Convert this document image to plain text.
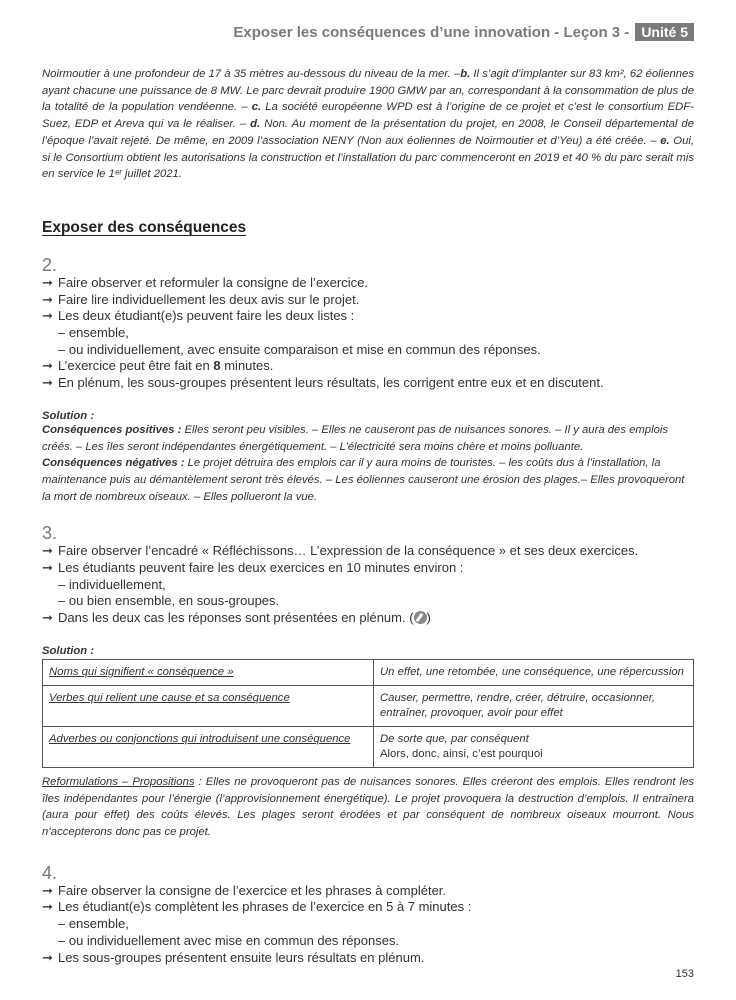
Exposer les conséquences d’une innovation - Leçon 3 - Unité 5
Noirmoutier à une profondeur de 17 à 35 mètres au-dessous du niveau de la mer. –b. Il s’agit d’implanter sur 83 km², 62 éoliennes ayant chacune une puissance de 8 MW. Le parc devrait produire 1900 GMW par an, correspondant à la consommation de plus de la totalité de la population vendéenne. – c. La société européenne WPD est à l’origine de ce projet et c’est le consortium EDF-Suez, EDP et Areva qui va le réaliser. – d. Non. Au moment de la présentation du projet, en 2008, le Conseil départemental de l’époque l’avait rejeté. De même, en 2009 l’association NENY (Non aux éoliennes de Noirmoutier et d’Yeu) a été créée. – e. Oui, si le Consortium obtient les autorisations la construction et l’installation du parc commenceront en 2019 et 40 % du parc serait mis en service le 1ᵉʳ juillet 2021.
Exposer des conséquences
2.
➞ Faire observer et reformuler la consigne de l’exercice.
➞ Faire lire individuellement les deux avis sur le projet.
➞ Les deux étudiant(e)s peuvent faire les deux listes :
– ensemble,
– ou individuellement, avec ensuite comparaison et mise en commun des réponses.
➞ L’exercice peut être fait en 8 minutes.
➞ En plénum, les sous-groupes présentent leurs résultats, les corrigent entre eux et en discutent.
Solution :
Conséquences positives : Elles seront peu visibles. – Elles ne causeront pas de nuisances sonores. – Il y aura des emplois créés. – Les îles seront indépendantes énergétiquement. – L’électricité sera moins chère et moins polluante.
Conséquences négatives : Le projet détruira des emplois car il y aura moins de touristes. – les coûts dus à l’installation, la maintenance puis au démantèlement seront très élevés. – Les éoliennes causeront une érosion des plages.– Elles provoqueront la mort de nombreux oiseaux. – Elles pollueront la vue.
3.
➞ Faire observer l’encadré « Réfléchissons… L’expression de la conséquence » et ses deux exercices.
➞ Les étudiants peuvent faire les deux exercices en 10 minutes environ :
– individuellement,
– ou bien ensemble, en sous-groupes.
➞ Dans les deux cas les réponses sont présentées en plénum. ( )
Solution :
Noms qui signifient « conséquence »	Un effet, une retombée, une conséquence, une répercussion
Verbes qui relient une cause et sa conséquence	Causer, permettre, rendre, créer, détruire, occasionner, entraîner, provoquer, avoir pour effet
Adverbes ou conjonctions qui introduisent une conséquence	De sorte que, par conséquent
Alors, donc, ainsi, c’est pourquoi
Reformulations – Propositions : Elles ne provoqueront pas de nuisances sonores. Elles créeront des emplois. Elles rendront les îles indépendantes pour l’énergie (l’approvisionnement énergétique). Le projet provoquera la destruction d’emplois. Il entraînera (aura pour effet) des coûts élevés. Les plages seront érodées et par conséquent de nombreux oiseaux mourront. Nous n’accepterons donc pas ce projet.
4.
➞ Faire observer la consigne de l’exercice et les phrases à compléter.
➞ Les étudiant(e)s complètent les phrases de l’exercice en 5 à 7 minutes :
– ensemble,
– ou individuellement avec mise en commun des réponses.
➞ Les sous-groupes présentent ensuite leurs résultats en plénum.
153
